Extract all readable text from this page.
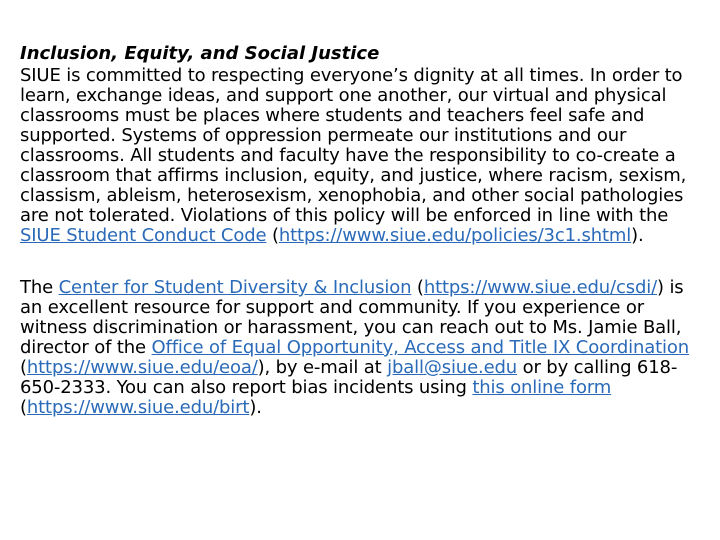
Inclusion, Equity, and Social Justice

SIUE is committed to respecting everyone’s dignity at all times. In order to learn, exchange ideas, and support one another, our virtual and physical classrooms must be places where students and teachers feel safe and supported. Systems of oppression permeate our institutions and our classrooms. All students and faculty have the responsibility to co-create a classroom that affirms inclusion, equity, and justice, where racism, sexism, classism, ableism, heterosexism, xenophobia, and other social pathologies are not tolerated. Violations of this policy will be enforced in line with the SIUE Student Conduct Code (https://www.siue.edu/policies/3c1.shtml).

The Center for Student Diversity & Inclusion (https://www.siue.edu/csdi/) is an excellent resource for support and community. If you experience or witness discrimination or harassment, you can reach out to Ms. Jamie Ball, director of the Office of Equal Opportunity, Access and Title IX Coordination (https://www.siue.edu/eoa/), by e-mail at jball@siue.edu or by calling 618-650-2333. You can also report bias incidents using this online form (https://www.siue.edu/birt).
